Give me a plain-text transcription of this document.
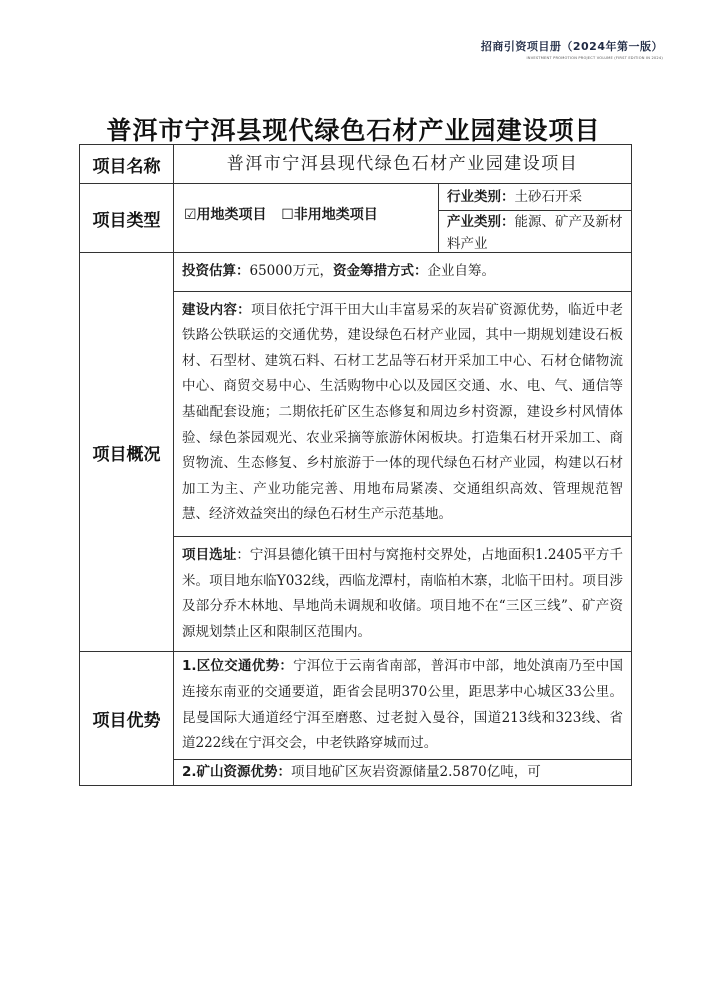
招商引资项目册（2024年第一版）
INVESTMENT PROMOTION PROJECT VOLUME (FIRST EDITION IN 2024)
普洱市宁洱县现代绿色石材产业园建设项目
项目名称	普洱市宁洱县现代绿色石材产业园建设项目

项目类型	☑用地类项目 ☐非用地类项目
行业类别：土砂石开采
产业类别：能源、矿产及新材料产业

项目概况	投资估算：65000万元，资金筹措方式：企业自筹。
建设内容：项目依托宁洱干田大山丰富易采的灰岩矿资源优势，临近中老铁路公铁联运的交通优势，建设绿色石材产业园，其中一期规划建设石板材、石型材、建筑石料、石材工艺品等石材开采加工中心、石材仓储物流中心、商贸交易中心、生活购物中心以及园区交通、水、电、气、通信等基础配套设施；二期依托矿区生态修复和周边乡村资源，建设乡村风情体验、绿色茶园观光、农业采摘等旅游休闲板块。打造集石材开采加工、商贸物流、生态修复、乡村旅游于一体的现代绿色石材产业园，构建以石材加工为主、产业功能完善、用地布局紧凑、交通组织高效、管理规范智慧、经济效益突出的绿色石材生产示范基地。
项目选址：宁洱县德化镇干田村与窝拖村交界处，占地面积1.2405平方千米。项目地东临Y032线，西临龙潭村，南临柏木寨，北临干田村。项目涉及部分乔木林地、旱地尚未调规和收储。项目地不在“三区三线”、矿产资源规划禁止区和限制区范围内。

项目优势	1.区位交通优势：宁洱位于云南省南部，普洱市中部，地处滇南乃至中国连接东南亚的交通要道，距省会昆明370公里，距思茅中心城区33公里。昆曼国际大通道经宁洱至磨憨、过老挝入曼谷，国道213线和323线、省道222线在宁洱交会，中老铁路穿城而过。
2.矿山资源优势：项目地矿区灰岩资源储量2.5870亿吨，可
